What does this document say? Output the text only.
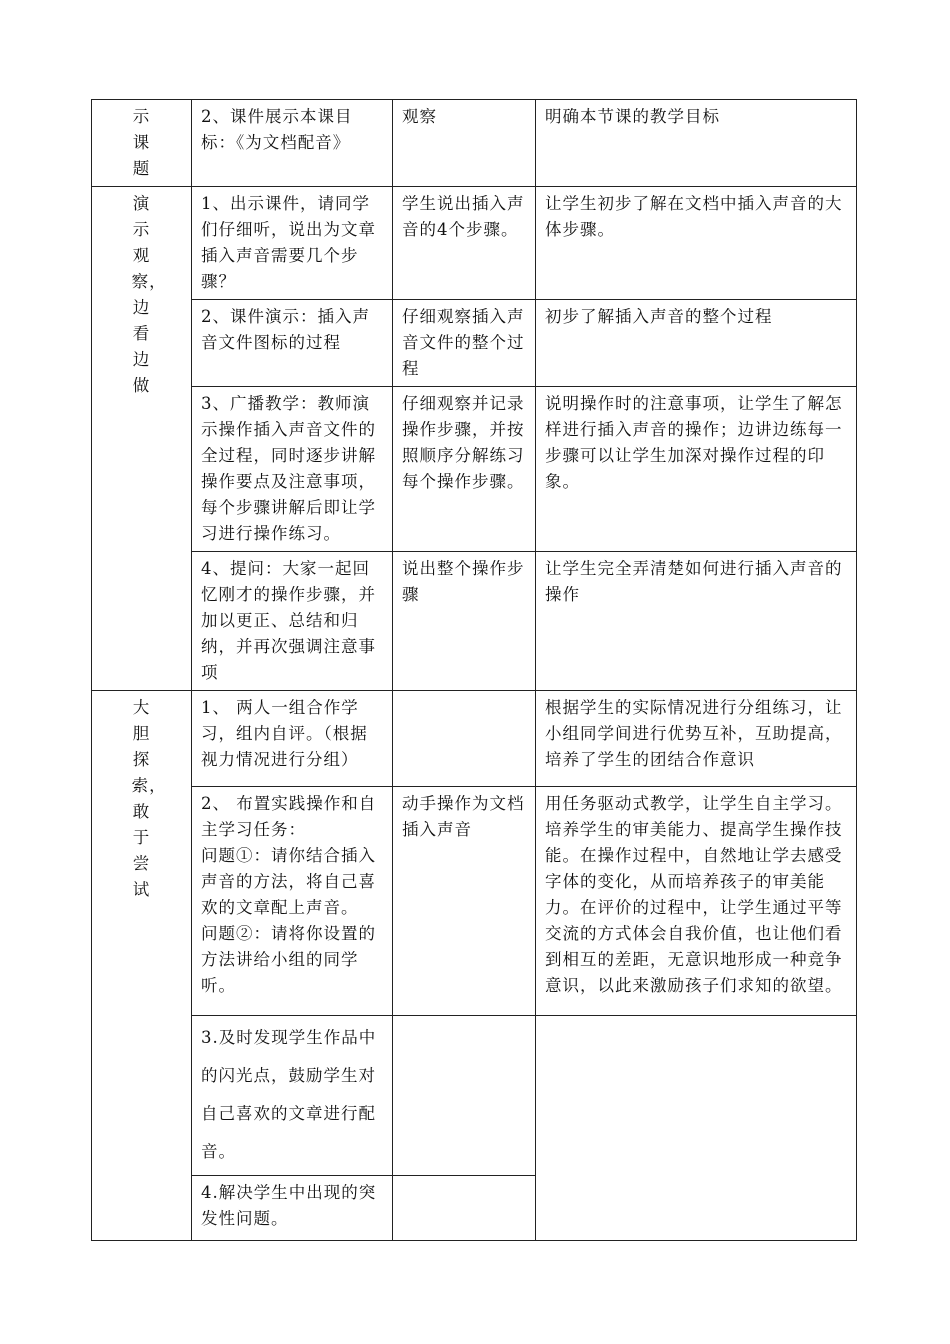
示课题	2、课件展示本课目标：《为文档配音》	观察	明确本节课的教学目标

演示观察，边看边做	1、出示课件，请同学们仔细听，说出为文章插入声音需要几个步骤？	学生说出插入声音的4个步骤。	让学生初步了解在文档中插入声音的大体步骤。

	2、课件演示：插入声音文件图标的过程	仔细观察插入声音文件的整个过程	初步了解插入声音的整个过程

	3、广播教学：教师演示操作插入声音文件的全过程，同时逐步讲解操作要点及注意事项，每个步骤讲解后即让学习进行操作练习。	仔细观察并记录操作步骤，并按照顺序分解练习每个操作步骤。	说明操作时的注意事项，让学生了解怎样进行插入声音的操作；边讲边练每一步骤可以让学生加深对操作过程的印象。

	4、提问：大家一起回忆刚才的操作步骤，并加以更正、总结和归纳，并再次强调注意事项	说出整个操作步骤	让学生完全弄清楚如何进行插入声音的操作

大胆探索，敢于尝试	1、 两人一组合作学习，组内自评。（根据视力情况进行分组）		根据学生的实际情况进行分组练习，让小组同学间进行优势互补，互助提高，培养了学生的团结合作意识

	2、 布置实践操作和自主学习任务：
问题①：请你结合插入声音的方法，将自己喜欢的文章配上声音。
问题②：请将你设置的方法讲给小组的同学听。	动手操作为文档插入声音	用任务驱动式教学，让学生自主学习。培养学生的审美能力、提高学生操作技能。在操作过程中，自然地让学去感受字体的变化，从而培养孩子的审美能力。在评价的过程中，让学生通过平等交流的方式体会自我价值，也让他们看到相互的差距，无意识地形成一种竞争意识，以此来激励孩子们求知的欲望。

	3.及时发现学生作品中的闪光点，鼓励学生对自己喜欢的文章进行配音。		

	4.解决学生中出现的突发性问题。		
